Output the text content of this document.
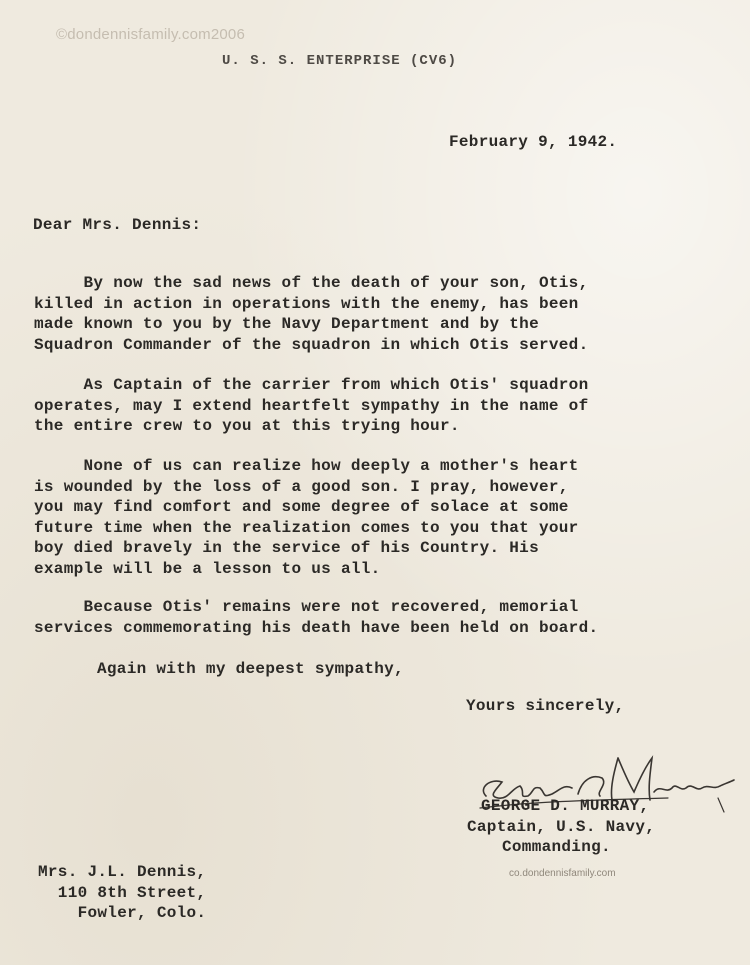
©dondennisfamily.com2006
U. S. S. ENTERPRISE (CV6)
February 9, 1942.
Dear Mrs. Dennis:
By now the sad news of the death of your son, Otis,
killed in action in operations with the enemy, has been
made known to you by the Navy Department and by the
Squadron Commander of the squadron in which Otis served.
As Captain of the carrier from which Otis' squadron
operates, may I extend heartfelt sympathy in the name of
the entire crew to you at this trying hour.
None of us can realize how deeply a mother's heart
is wounded by the loss of a good son. I pray, however,
you may find comfort and some degree of solace at some
future time when the realization comes to you that your
boy died bravely in the service of his Country. His
example will be a lesson to us all.
Because Otis' remains were not recovered, memorial
services commemorating his death have been held on board.
Again with my deepest sympathy,
Yours sincerely,
GEORGE D. MURRAY,
Captain, U.S. Navy,
Commanding.
co.dondennisfamily.com
Mrs. J.L. Dennis,
110 8th Street,
Fowler, Colo.
